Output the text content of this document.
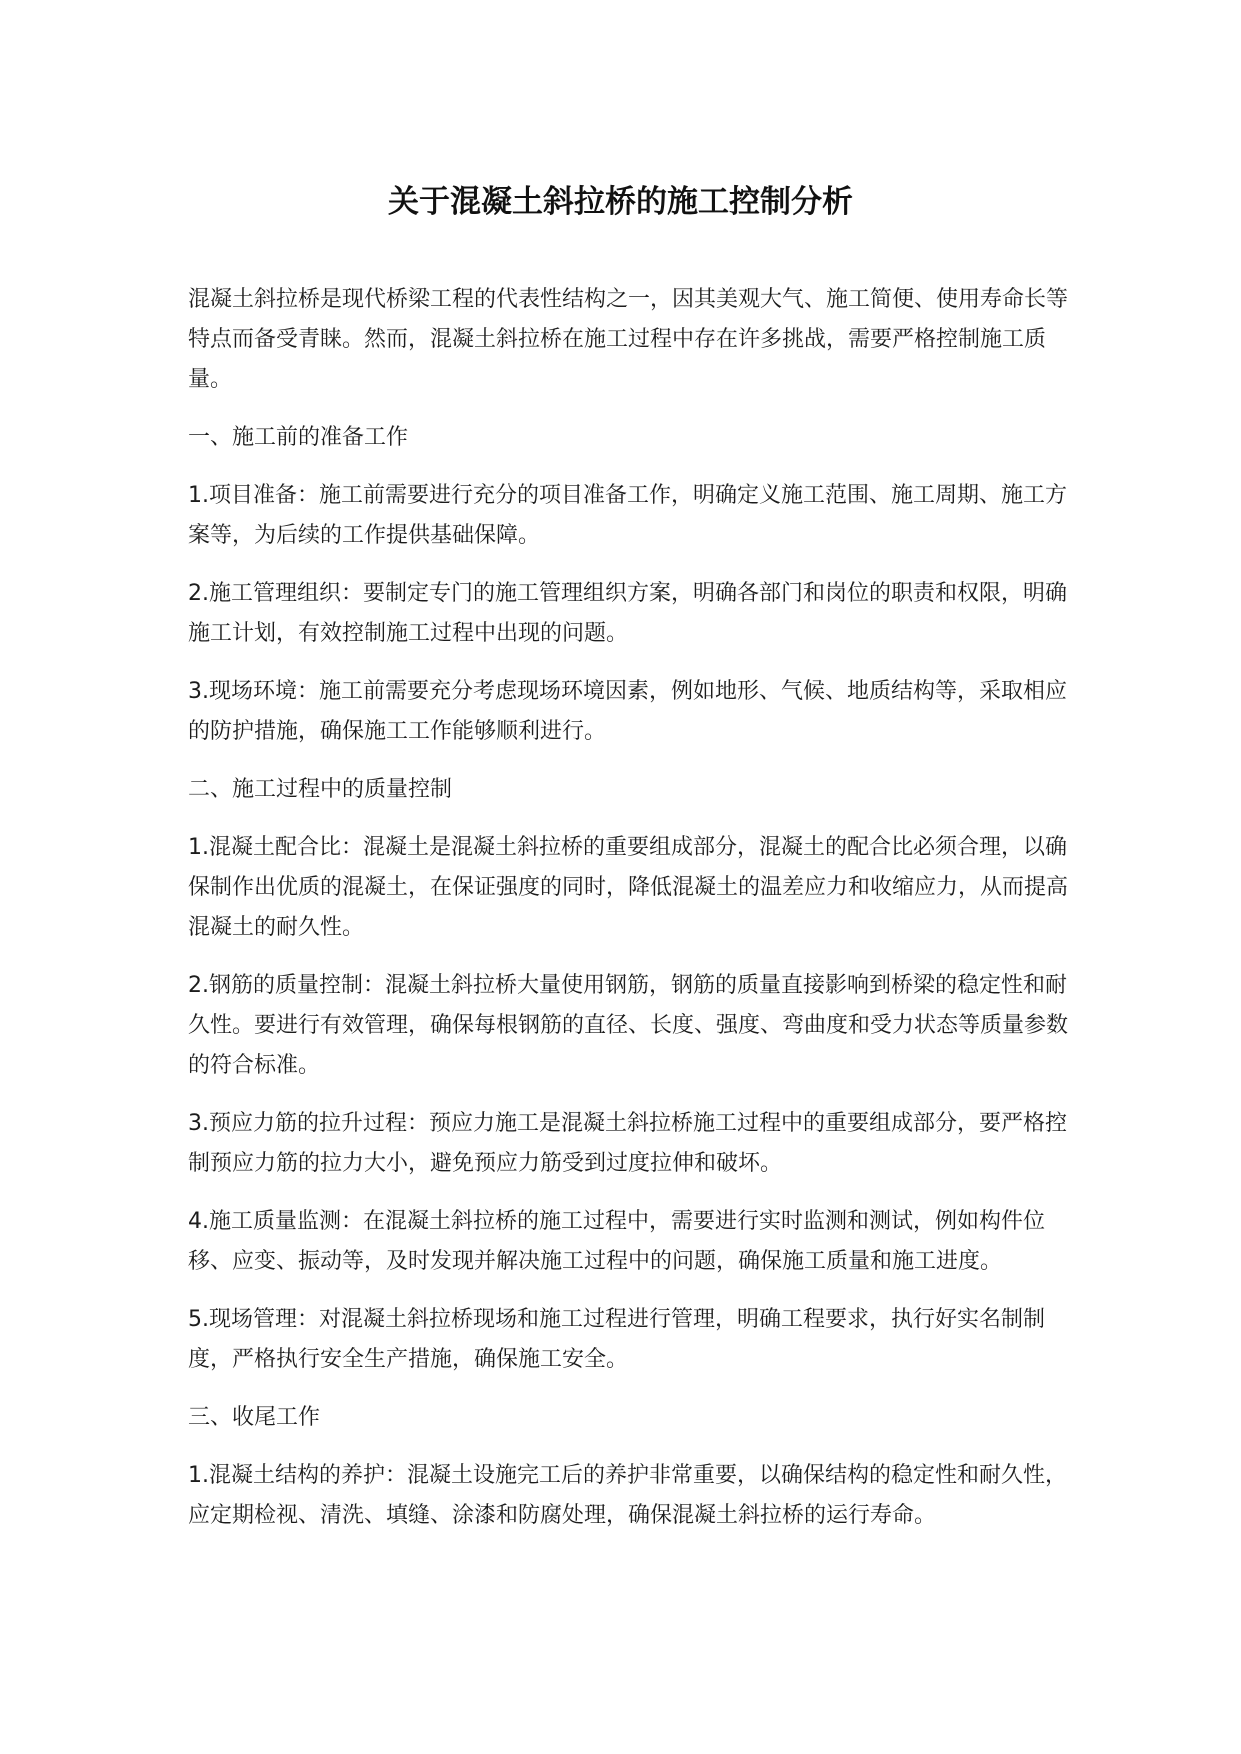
关于混凝土斜拉桥的施工控制分析

混凝土斜拉桥是现代桥梁工程的代表性结构之一，因其美观大气、施工简便、使用寿命长等特点而备受青睐。然而，混凝土斜拉桥在施工过程中存在许多挑战，需要严格控制施工质量。

一、施工前的准备工作

1.项目准备：施工前需要进行充分的项目准备工作，明确定义施工范围、施工周期、施工方案等，为后续的工作提供基础保障。

2.施工管理组织：要制定专门的施工管理组织方案，明确各部门和岗位的职责和权限，明确施工计划，有效控制施工过程中出现的问题。

3.现场环境：施工前需要充分考虑现场环境因素，例如地形、气候、地质结构等，采取相应的防护措施，确保施工工作能够顺利进行。

二、施工过程中的质量控制

1.混凝土配合比：混凝土是混凝土斜拉桥的重要组成部分，混凝土的配合比必须合理，以确保制作出优质的混凝土，在保证强度的同时，降低混凝土的温差应力和收缩应力，从而提高混凝土的耐久性。

2.钢筋的质量控制：混凝土斜拉桥大量使用钢筋，钢筋的质量直接影响到桥梁的稳定性和耐久性。要进行有效管理，确保每根钢筋的直径、长度、强度、弯曲度和受力状态等质量参数的符合标准。

3.预应力筋的拉升过程：预应力施工是混凝土斜拉桥施工过程中的重要组成部分，要严格控制预应力筋的拉力大小，避免预应力筋受到过度拉伸和破坏。

4.施工质量监测：在混凝土斜拉桥的施工过程中，需要进行实时监测和测试，例如构件位移、应变、振动等，及时发现并解决施工过程中的问题，确保施工质量和施工进度。

5.现场管理：对混凝土斜拉桥现场和施工过程进行管理，明确工程要求，执行好实名制制度，严格执行安全生产措施，确保施工安全。

三、收尾工作

1.混凝土结构的养护：混凝土设施完工后的养护非常重要，以确保结构的稳定性和耐久性，应定期检视、清洗、填缝、涂漆和防腐处理，确保混凝土斜拉桥的运行寿命。
